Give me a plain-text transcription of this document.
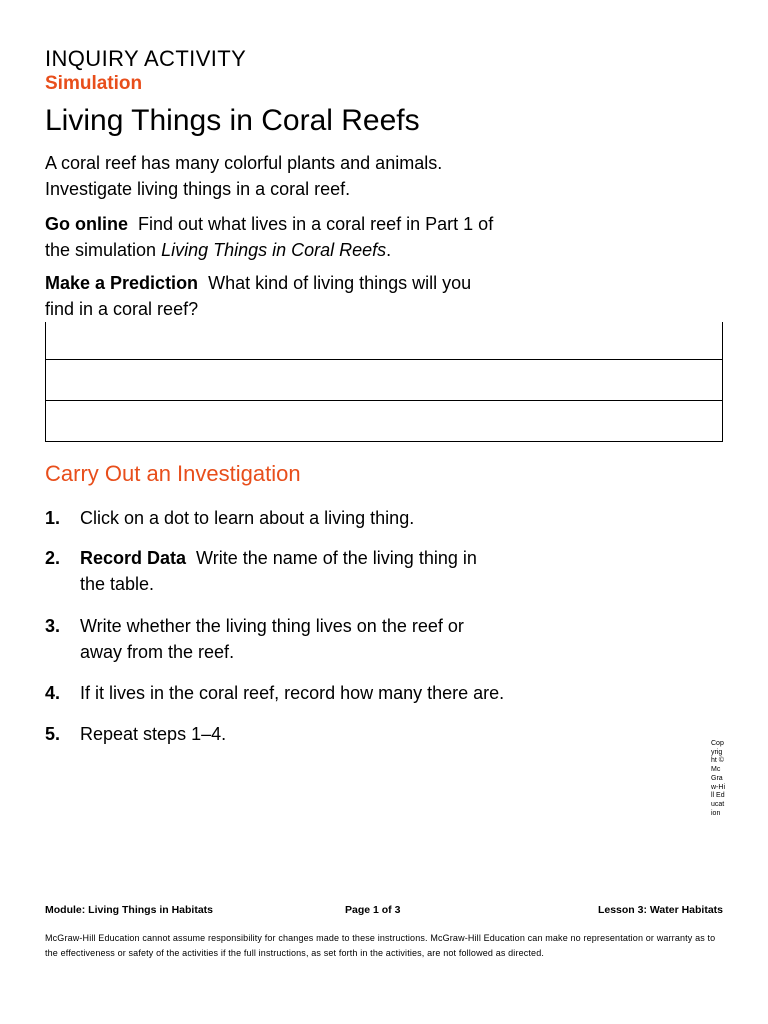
INQUIRY ACTIVITY
Simulation
Living Things in Coral Reefs
A coral reef has many colorful plants and animals.
Investigate living things in a coral reef.
Go online Find out what lives in a coral reef in Part 1 of
the simulation Living Things in Coral Reefs.
Make a Prediction What kind of living things will you
find in a coral reef?
Carry Out an Investigation
1. Click on a dot to learn about a living thing.
2. Record Data Write the name of the living thing in
the table.
3. Write whether the living thing lives on the reef or
away from the reef.
4. If it lives in the coral reef, record how many there are.
5. Repeat steps 1–4.	Copyright © McGraw-Hill Education
Module: Living Things in Habitats	Page 1 of 3	Lesson 3: Water Habitats
McGraw-Hill Education cannot assume responsibility for changes made to these instructions. McGraw-Hill Education can make no representation or warranty as to the effectiveness or safety of the activities if the full instructions, as set forth in the activities, are not followed as directed.
